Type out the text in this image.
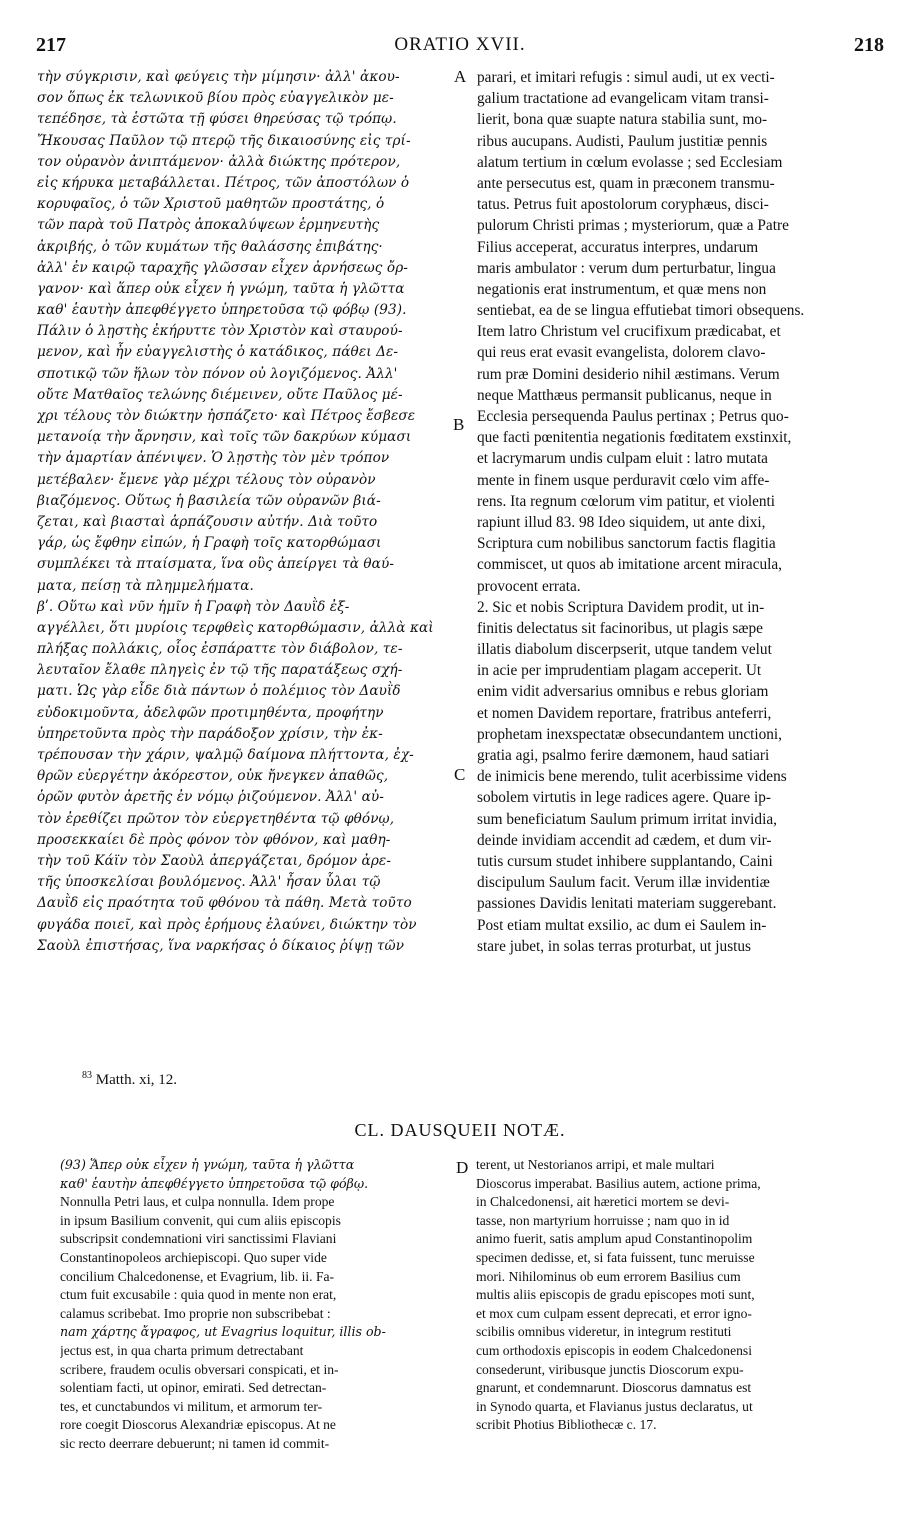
217	ORATIO XVII.	218
τὴν σύγκρισιν, καὶ φεύγεις τὴν μίμησιν· ἀλλ' ἀκου-
σον ὅπως ἐκ τελωνικοῦ βίου πρὸς εὐαγγελικὸν με-
τεπέδησε, τὰ ἑστῶτα τῇ φύσει θηρεύσας τῷ τρόπῳ.
Ἤκουσας Παῦλον τῷ πτερῷ τῆς δικαιοσύνης εἰς τρί-
τον οὐρανὸν ἀνιπτάμενον· ἀλλὰ διώκτης πρότερον,
εἰς κήρυκα μεταβάλλεται. Πέτρος, τῶν ἀποστόλων ὁ
κορυφαῖος, ὁ τῶν Χριστοῦ μαθητῶν προστάτης, ὁ
τῶν παρὰ τοῦ Πατρὸς ἀποκαλύψεων ἑρμηνευτὴς
ἀκριβής, ὁ τῶν κυμάτων τῆς θαλάσσης ἐπιβάτης·
ἀλλ' ἐν καιρῷ ταραχῆς γλῶσσαν εἶχεν ἀρνήσεως ὄρ-
γανον· καὶ ἅπερ οὐκ εἶχεν ἡ γνώμη, ταῦτα ἡ γλῶττα
καθ' ἑαυτὴν ἀπεφθέγγετο ὑπηρετοῦσα τῷ φόβῳ (93).
Πάλιν ὁ λῃστὴς ἐκήρυττε τὸν Χριστὸν καὶ σταυρού-
μενον, καὶ ἦν εὐαγγελιστὴς ὁ κατάδικος, πάθει Δε-
σποτικῷ τῶν ἥλων τὸν πόνον οὐ λογιζόμενος. Ἀλλ'
οὔτε Ματθαῖος τελώνης διέμεινεν, οὔτε Παῦλος μέ-
χρι τέλους τὸν διώκτην ἠσπάζετο· καὶ Πέτρος ἔσβεσε
μετανοίᾳ τὴν ἄρνησιν, καὶ τοῖς τῶν δακρύων κύμασι
τὴν ἁμαρτίαν ἀπένιψεν. Ὁ λῃστὴς τὸν μὲν τρόπον
μετέβαλεν· ἔμενε γὰρ μέχρι τέλους τὸν οὐρανὸν
βιαζόμενος. Οὕτως ἡ βασιλεία τῶν οὐρανῶν βιά-
ζεται, καὶ βιασταὶ ἁρπάζουσιν αὐτήν. Διὰ τοῦτο
γάρ, ὡς ἔφθην εἰπών, ἡ Γραφὴ τοῖς κατορθώμασι
συμπλέκει τὰ πταίσματα, ἵνα οὓς ἀπείργει τὰ θαύ-
ματα, πείσῃ τὰ πλημμελήματα.
βʹ. Οὕτω καὶ νῦν ἡμῖν ἡ Γραφὴ τὸν Δαυῒδ ἐξ-
αγγέλλει, ὅτι μυρίοις τερφθεὶς κατορθώμασιν, ἀλλὰ καὶ
πλήξας πολλάκις, οἷος ἐσπάραττε τὸν διάβολον, τε-
λευταῖον ἔλαθε πληγεὶς ἐν τῷ τῆς παρατάξεως σχή-
ματι. Ὡς γὰρ εἶδε διὰ πάντων ὁ πολέμιος τὸν Δαυῒδ
εὐδοκιμοῦντα, ἀδελφῶν προτιμηθέντα, προφήτην
ὑπηρετοῦντα πρὸς τὴν παράδοξον χρίσιν, τὴν ἐκ-
τρέπουσαν τὴν χάριν, ψαλμῷ δαίμονα πλήττοντα, ἐχ-
θρῶν εὐεργέτην ἀκόρεστον, οὐκ ἤνεγκεν ἀπαθῶς,
ὁρῶν φυτὸν ἀρετῆς ἐν νόμῳ ῥιζούμενον. Ἀλλ' αὐ-
τὸν ἐρεθίζει πρῶτον τὸν εὐεργετηθέντα τῷ φθόνῳ,
προσεκκαίει δὲ πρὸς φόνον τὸν φθόνον, καὶ μαθη-
τὴν τοῦ Κάϊν τὸν Σαοὺλ ἀπεργάζεται, δρόμον ἀρε-
τῆς ὑποσκελίσαι βουλόμενος. Ἀλλ' ἦσαν ὗλαι τῷ
Δαυῒδ εἰς πραότητα τοῦ φθόνου τὰ πάθη. Μετὰ τοῦτο
φυγάδα ποιεῖ, καὶ πρὸς ἐρήμους ἐλαύνει, διώκτην τὸν
Σαοὺλ ἐπιστήσας, ἵνα ναρκήσας ὁ δίκαιος ῥίψῃ τῶν
parari, et imitari refugis : simul audi, ut ex vecti-
galium tractatione ad evangelicam vitam transi-
lierit, bona quæ suapte natura stabilia sunt, mo-
ribus aucupans. Audisti, Paulum justitiæ pennis
alatum tertium in cœlum evolasse ; sed Ecclesiam
ante persecutus est, quam in præconem transmu-
tatus. Petrus fuit apostolorum coryphæus, disci-
pulorum Christi primas ; mysteriorum, quæ a Patre
Filius acceperat, accuratus interpres, undarum
maris ambulator : verum dum perturbatur, lingua
negationis erat instrumentum, et quæ mens non
sentiebat, ea de se lingua effutiebat timori obsequens.
Item latro Christum vel crucifixum prædicabat, et
qui reus erat evasit evangelista, dolorem clavo-
rum præ Domini desiderio nihil æstimans. Verum
neque Matthæus permansit publicanus, neque in
Ecclesia persequenda Paulus pertinax ; Petrus quo-
que facti pœnitentia negationis fœditatem exstinxit,
et lacrymarum undis culpam eluit : latro mutata
mente in finem usque perduravit cœlo vim affe-
rens. Ita regnum cœlorum vim patitur, et violenti
rapiunt illud 83. 98 Ideo siquidem, ut ante dixi,
Scriptura cum nobilibus sanctorum factis flagitia
commiscet, ut quos ab imitatione arcent miracula,
provocent errata.
2. Sic et nobis Scriptura Davidem prodit, ut in-
finitis delectatus sit facinoribus, ut plagis sæpe
illatis diabolum discerpserit, utque tandem velut
in acie per imprudentiam plagam acceperit. Ut
enim vidit adversarius omnibus e rebus gloriam
et nomen Davidem reportare, fratribus anteferri,
prophetam inexspectatæ obsecundantem unctioni,
gratia agi, psalmo ferire dæmonem, haud satiari
de inimicis bene merendo, tulit acerbissime videns
sobolem virtutis in lege radices agere. Quare ip-
sum beneficiatum Saulum primum irritat invidia,
deinde invidiam accendit ad cædem, et dum vir-
tutis cursum studet inhibere supplantando, Caini
discipulum Saulum facit. Verum illæ invidentiæ
passiones Davidis lenitati materiam suggerebant.
Post etiam multat exsilio, ac dum ei Saulem in-
stare jubet, in solas terras proturbat, ut justus
A
B
C
D
$^{83}$ Matth. xi, 12.
CL. DAUSQUEII NOTÆ.
(93) Ἅπερ οὐκ εἶχεν ἡ γνώμη, ταῦτα ἡ γλῶττα
καθ' ἑαυτὴν ἀπεφθέγγετο ὑπηρετοῦσα τῷ φόβῳ.
Nonnulla Petri laus, et culpa nonnulla. Idem prope
in ipsum Basilium convenit, qui cum aliis episcopis
subscripsit condemnationi viri sanctissimi Flaviani
Constantinopoleos archiepiscopi. Quo super vide
concilium Chalcedonense, et Evagrium, lib. ii. Fa-
ctum fuit excusabile : quia quod in mente non erat,
calamus scribebat. Imo proprie non subscribebat :
nam χάρτης ἄγραφος, ut Evagrius loquitur, illis ob-
jectus est, in qua charta primum detrectabant
scribere, fraudem oculis obversari conspicati, et in-
solentiam facti, ut opinor, emirati. Sed detrectan-
tes, et cunctabundos vi militum, et armorum ter-
rore coegit Dioscorus Alexandriæ episcopus. At ne
sic recto deerrare debuerunt; ni tamen id commit-
terent, ut Nestorianos arripi, et male multari
Dioscorus imperabat. Basilius autem, actione prima,
in Chalcedonensi, ait hæretici mortem se devi-
tasse, non martyrium horruisse ; nam quo in id
animo fuerit, satis amplum apud Constantinopolim
specimen dedisse, et, si fata fuissent, tunc meruisse
mori. Nihilominus ob eum errorem Basilius cum
multis aliis episcopis de gradu episcopes moti sunt,
et mox cum culpam essent deprecati, et error igno-
scibilis omnibus videretur, in integrum restituti
cum orthodoxis episcopis in eodem Chalcedonensi
consederunt, viribusque junctis Dioscorum expu-
gnarunt, et condemnarunt. Dioscorus damnatus est
in Synodo quarta, et Flavianus justus declaratus, ut
scribit Photius Bibliothecæ c. 17.
